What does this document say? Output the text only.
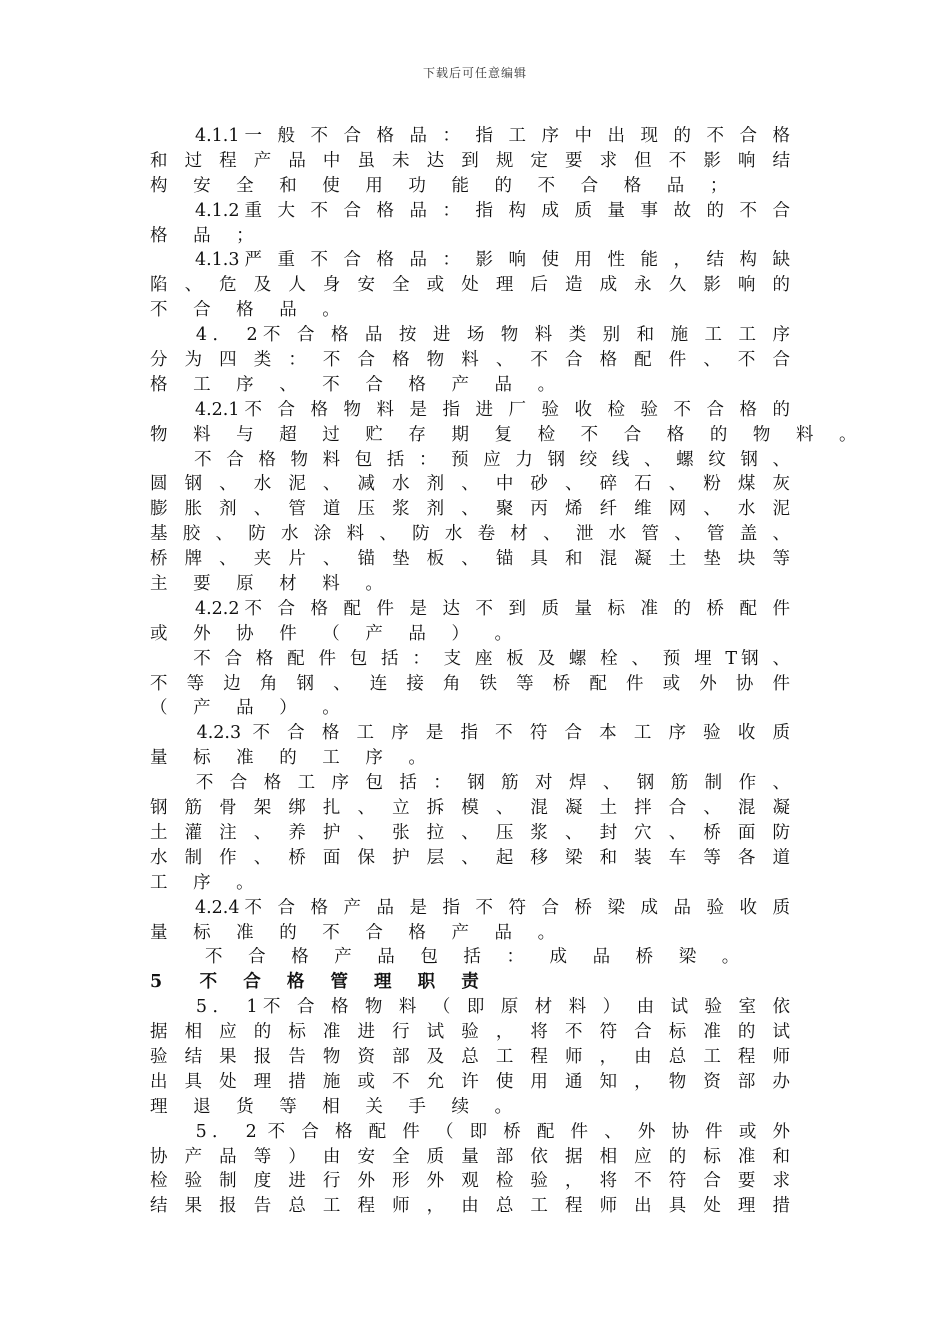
下载后可任意编辑
　　4.1.1一 般 不 合 格 品 ： 指 工 序 中 出 现 的 不 合 格
和 过 程 产 品 中 虽 未 达 到 规 定 要 求 但 不 影 响 结
构 安 全 和 使 用 功 能 的 不 合 格 品 ；
　　4.1.2重 大 不 合 格 品 ： 指 构 成 质 量 事 故 的 不 合
格 品 ；
　　4.1.3严 重 不 合 格 品 ： 影 响 使 用 性 能 ， 结 构 缺
陷 、 危 及 人 身 安 全 或 处 理 后 造 成 永 久 影 响 的
不 合 格 品 。
　　4． 2不 合 格 品 按 进 场 物 料 类 别 和 施 工 工 序
分 为 四 类 ： 不 合 格 物 料 、 不 合 格 配 件 、 不 合
格 工 序 、 不 合 格 产 品 。
　　4.2.1不 合 格 物 料 是 指 进 厂 验 收 检 验 不 合 格 的
物 料 与 超 过 贮 存 期 复 检 不 合 格 的 物 料 。
　　不 合 格 物 料 包 括 ： 预 应 力 钢 绞 线 、 螺 纹 钢 、
圆 钢 、 水 泥 、 减 水 剂 、 中 砂 、 碎 石 、 粉 煤 灰
膨 胀 剂 、 管 道 压 浆 剂 、 聚 丙 烯 纤 维 网 、 水 泥
基 胶 、 防 水 涂 料 、 防 水 卷 材 、 泄 水 管 、 管 盖 、
桥 牌 、 夹 片 、 锚 垫 板 、 锚 具 和 混 凝 土 垫 块 等
主 要 原 材 料 。
　　4.2.2不 合 格 配 件 是 达 不 到 质 量 标 准 的 桥 配 件
或 外 协 件 （ 产 品 ） 。
　　不 合 格 配 件 包 括 ： 支 座 板 及 螺 栓 、 预 埋 T钢 、
不 等 边 角 钢 、 连 接 角 铁 等 桥 配 件 或 外 协 件
（ 产 品 ） 。
　　4.2.3 不 合 格 工 序 是 指 不 符 合 本 工 序 验 收 质
量 标 准 的 工 序 。
　　不 合 格 工 序 包 括 ： 钢 筋 对 焊 、 钢 筋 制 作 、
钢 筋 骨 架 绑 扎 、 立 拆 模 、 混 凝 土 拌 合 、 混 凝
土 灌 注 、 养 护 、 张 拉 、 压 浆 、 封 穴 、 桥 面 防
水 制 作 、 桥 面 保 护 层 、 起 移 梁 和 装 车 等 各 道
工 序 。
　　4.2.4不 合 格 产 品 是 指 不 符 合 桥 梁 成 品 验 收 质
量 标 准 的 不 合 格 产 品 。
　　不 合 格 产 品 包 括 ： 成 品 桥 梁 。
5　不 合 格 管 理 职 责
　　5． 1不 合 格 物 料 （ 即 原 材 料 ） 由 试 验 室 依
据 相 应 的 标 准 进 行 试 验 ， 将 不 符 合 标 准 的 试
验 结 果 报 告 物 资 部 及 总 工 程 师 ， 由 总 工 程 师
出 具 处 理 措 施 或 不 允 许 使 用 通 知 ， 物 资 部 办
理 退 货 等 相 关 手 续 。
　　5． 2 不 合 格 配 件 （ 即 桥 配 件 、 外 协 件 或 外
协 产 品 等 ） 由 安 全 质 量 部 依 据 相 应 的 标 准 和
检 验 制 度 进 行 外 形 外 观 检 验 ， 将 不 符 合 要 求
结 果 报 告 总 工 程 师 ， 由 总 工 程 师 出 具 处 理 措
